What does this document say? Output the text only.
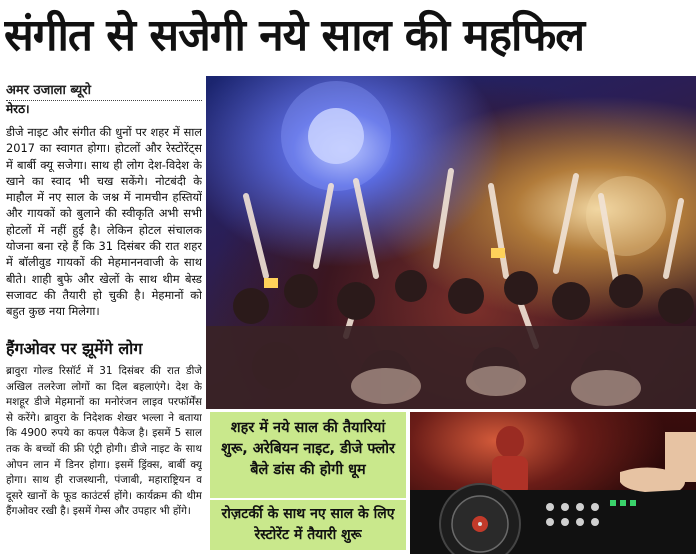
संगीत से सजेगी नये साल की महफिल
अमर उजाला ब्यूरो
मेरठ।
डीजे नाइट और संगीत की धुनों पर शहर में साल 2017 का स्वागत होगा। होटलों और रेस्टोरेंट्स में बार्बी क्यू सजेगा। साथ ही लोग देश-विदेश के खाने का स्वाद भी चख सकेंगे। नोटबंदी के माहौल में नए साल के जश्न में नामचीन हस्तियों और गायकों को बुलाने की स्वीकृति अभी सभी होटलों में नहीं हुई है। लेकिन होटल संचालक योजना बना रहे हैं कि 31 दिसंबर की रात शहर में बॉलीवुड गायकों की मेहमाननवाजी के साथ बीते। शाही बुफे और खेलों के साथ थीम बेस्ड सजावट की तैयारी हो चुकी है। मेहमानों को बहुत कुछ नया मिलेगा।
हैंगओवर पर झूमेंगे लोग
ब्रावुरा गोल्ड रिसॉर्ट में 31 दिसंबर की रात डीजे अखिल तलरेजा लोगों का दिल बहलाएंगे। देश के मशहूर डीजे मेहमानों का मनोरंजन लाइव परफॉर्मेंस से करेंगे। ब्रावुरा के निदेशक शेखर भल्ला ने बताया कि 4900 रुपये का कपल पैकेज है। इसमें 5 साल तक के बच्चों की फ्री एंट्री होगी। डीजे नाइट के साथ ओपन लान में डिनर होगा। इसमें ड्रिंक्स, बार्बी क्यू होगा। साथ ही राजस्थानी, पंजाबी, महाराष्ट्रियन व दूसरे खानों के फूड काउंटर्स होंगे। कार्यक्रम की थीम हैंगओवर रखी है। इसमें गेम्स और उपहार भी होंगे।
शहर में नये साल की तैयारियां शुरू, अरेबियन नाइट, डीजे फ्लोर बैले डांस की होगी धूम
रोज़टर्की के साथ नए साल के लिए रेस्टोरेंट में तैयारी शुरू
